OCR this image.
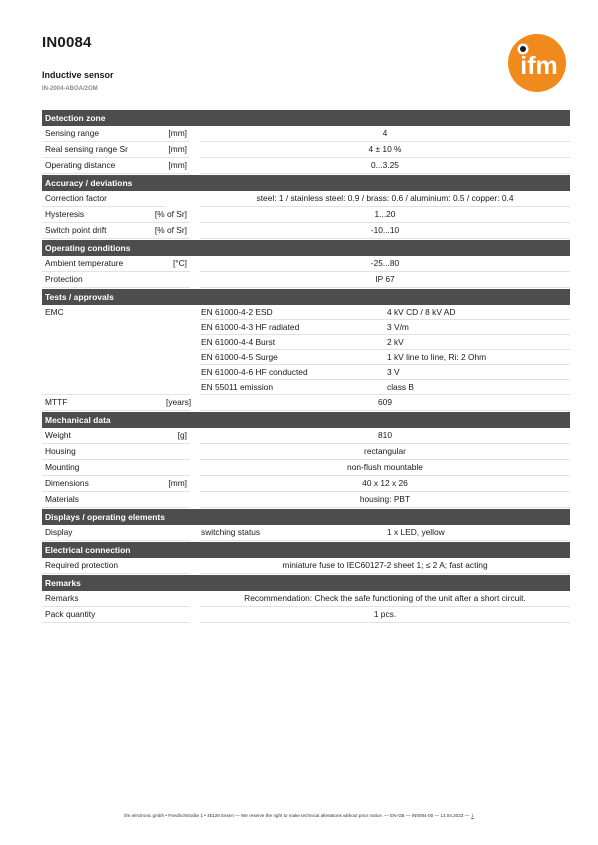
IN0084
Inductive sensor
IN-2004-ABOA/2OM
ifm
Detection zone
Sensing range	[mm]	4
Real sensing range Sr	[mm]	4 ± 10 %
Operating distance	[mm]	0...3.25
Accuracy / deviations
Correction factor	steel: 1 / stainless steel: 0.9 / brass: 0.6 / aluminium: 0.5 / copper: 0.4
Hysteresis	[% of Sr]	1...20
Switch point drift	[% of Sr]	-10...10
Operating conditions
Ambient temperature	[°C]	-25...80
Protection	IP 67
Tests / approvals
EMC	EN 61000-4-2 ESD	4 kV CD / 8 kV AD
EN 61000-4-3 HF radiated	3 V/m
EN 61000-4-4 Burst	2 kV
EN 61000-4-5 Surge	1 kV line to line, Ri: 2 Ohm
EN 61000-4-6 HF conducted	3 V
EN 55011 emission	class B
MTTF	[years]	609
Mechanical data
Weight	[g]	810
Housing	rectangular
Mounting	non-flush mountable
Dimensions	[mm]	40 x 12 x 26
Materials	housing: PBT
Displays / operating elements
Display	switching status	1 x LED, yellow
Electrical connection
Required protection	miniature fuse to IEC60127-2 sheet 1; ≤ 2 A; fast acting
Remarks
Remarks	Recommendation: Check the safe functioning of the unit after a short circuit.
Pack quantity	1 pcs.
ifm electronic gmbh • Friedrichstraße 1 • 45128 Essen — We reserve the right to make technical alterations without prior notice. — EN-GB — IN0084-00 — 13.04.2023 — 1
